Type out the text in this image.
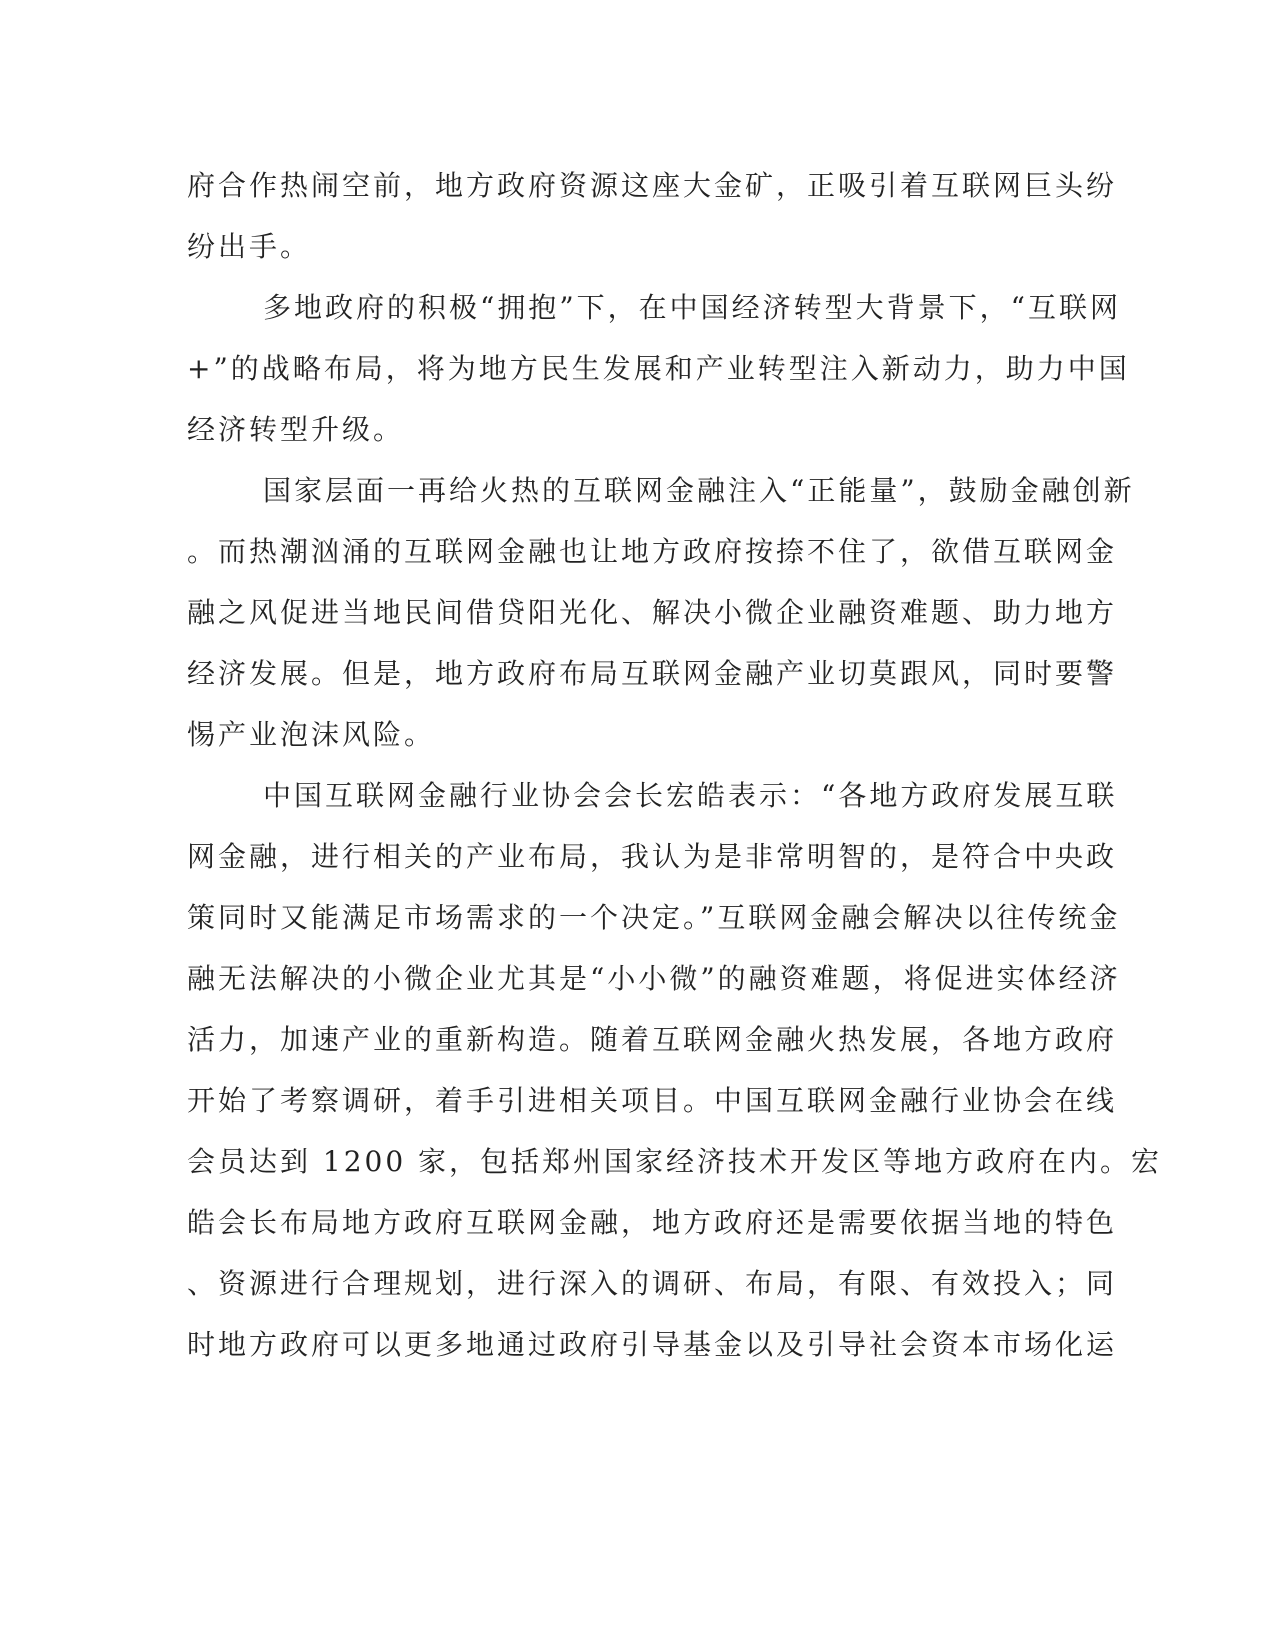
府合作热闹空前，地方政府资源这座大金矿，正吸引着互联网巨头纷
纷出手。
多地政府的积极“拥抱”下，在中国经济转型大背景下，“互联网
+”的战略布局，将为地方民生发展和产业转型注入新动力，助力中国
经济转型升级。
国家层面一再给火热的互联网金融注入“正能量”，鼓励金融创新
。而热潮汹涌的互联网金融也让地方政府按捺不住了，欲借互联网金
融之风促进当地民间借贷阳光化、解决小微企业融资难题、助力地方
经济发展。但是，地方政府布局互联网金融产业切莫跟风，同时要警
惕产业泡沫风险。
中国互联网金融行业协会会长宏皓表示：“各地方政府发展互联
网金融，进行相关的产业布局，我认为是非常明智的，是符合中央政
策同时又能满足市场需求的一个决定。”互联网金融会解决以往传统金
融无法解决的小微企业尤其是“小小微”的融资难题，将促进实体经济
活力，加速产业的重新构造。随着互联网金融火热发展，各地方政府
开始了考察调研，着手引进相关项目。中国互联网金融行业协会在线
会员达到 1200 家，包括郑州国家经济技术开发区等地方政府在内。宏
皓会长布局地方政府互联网金融，地方政府还是需要依据当地的特色
、资源进行合理规划，进行深入的调研、布局，有限、有效投入；同
时地方政府可以更多地通过政府引导基金以及引导社会资本市场化运
